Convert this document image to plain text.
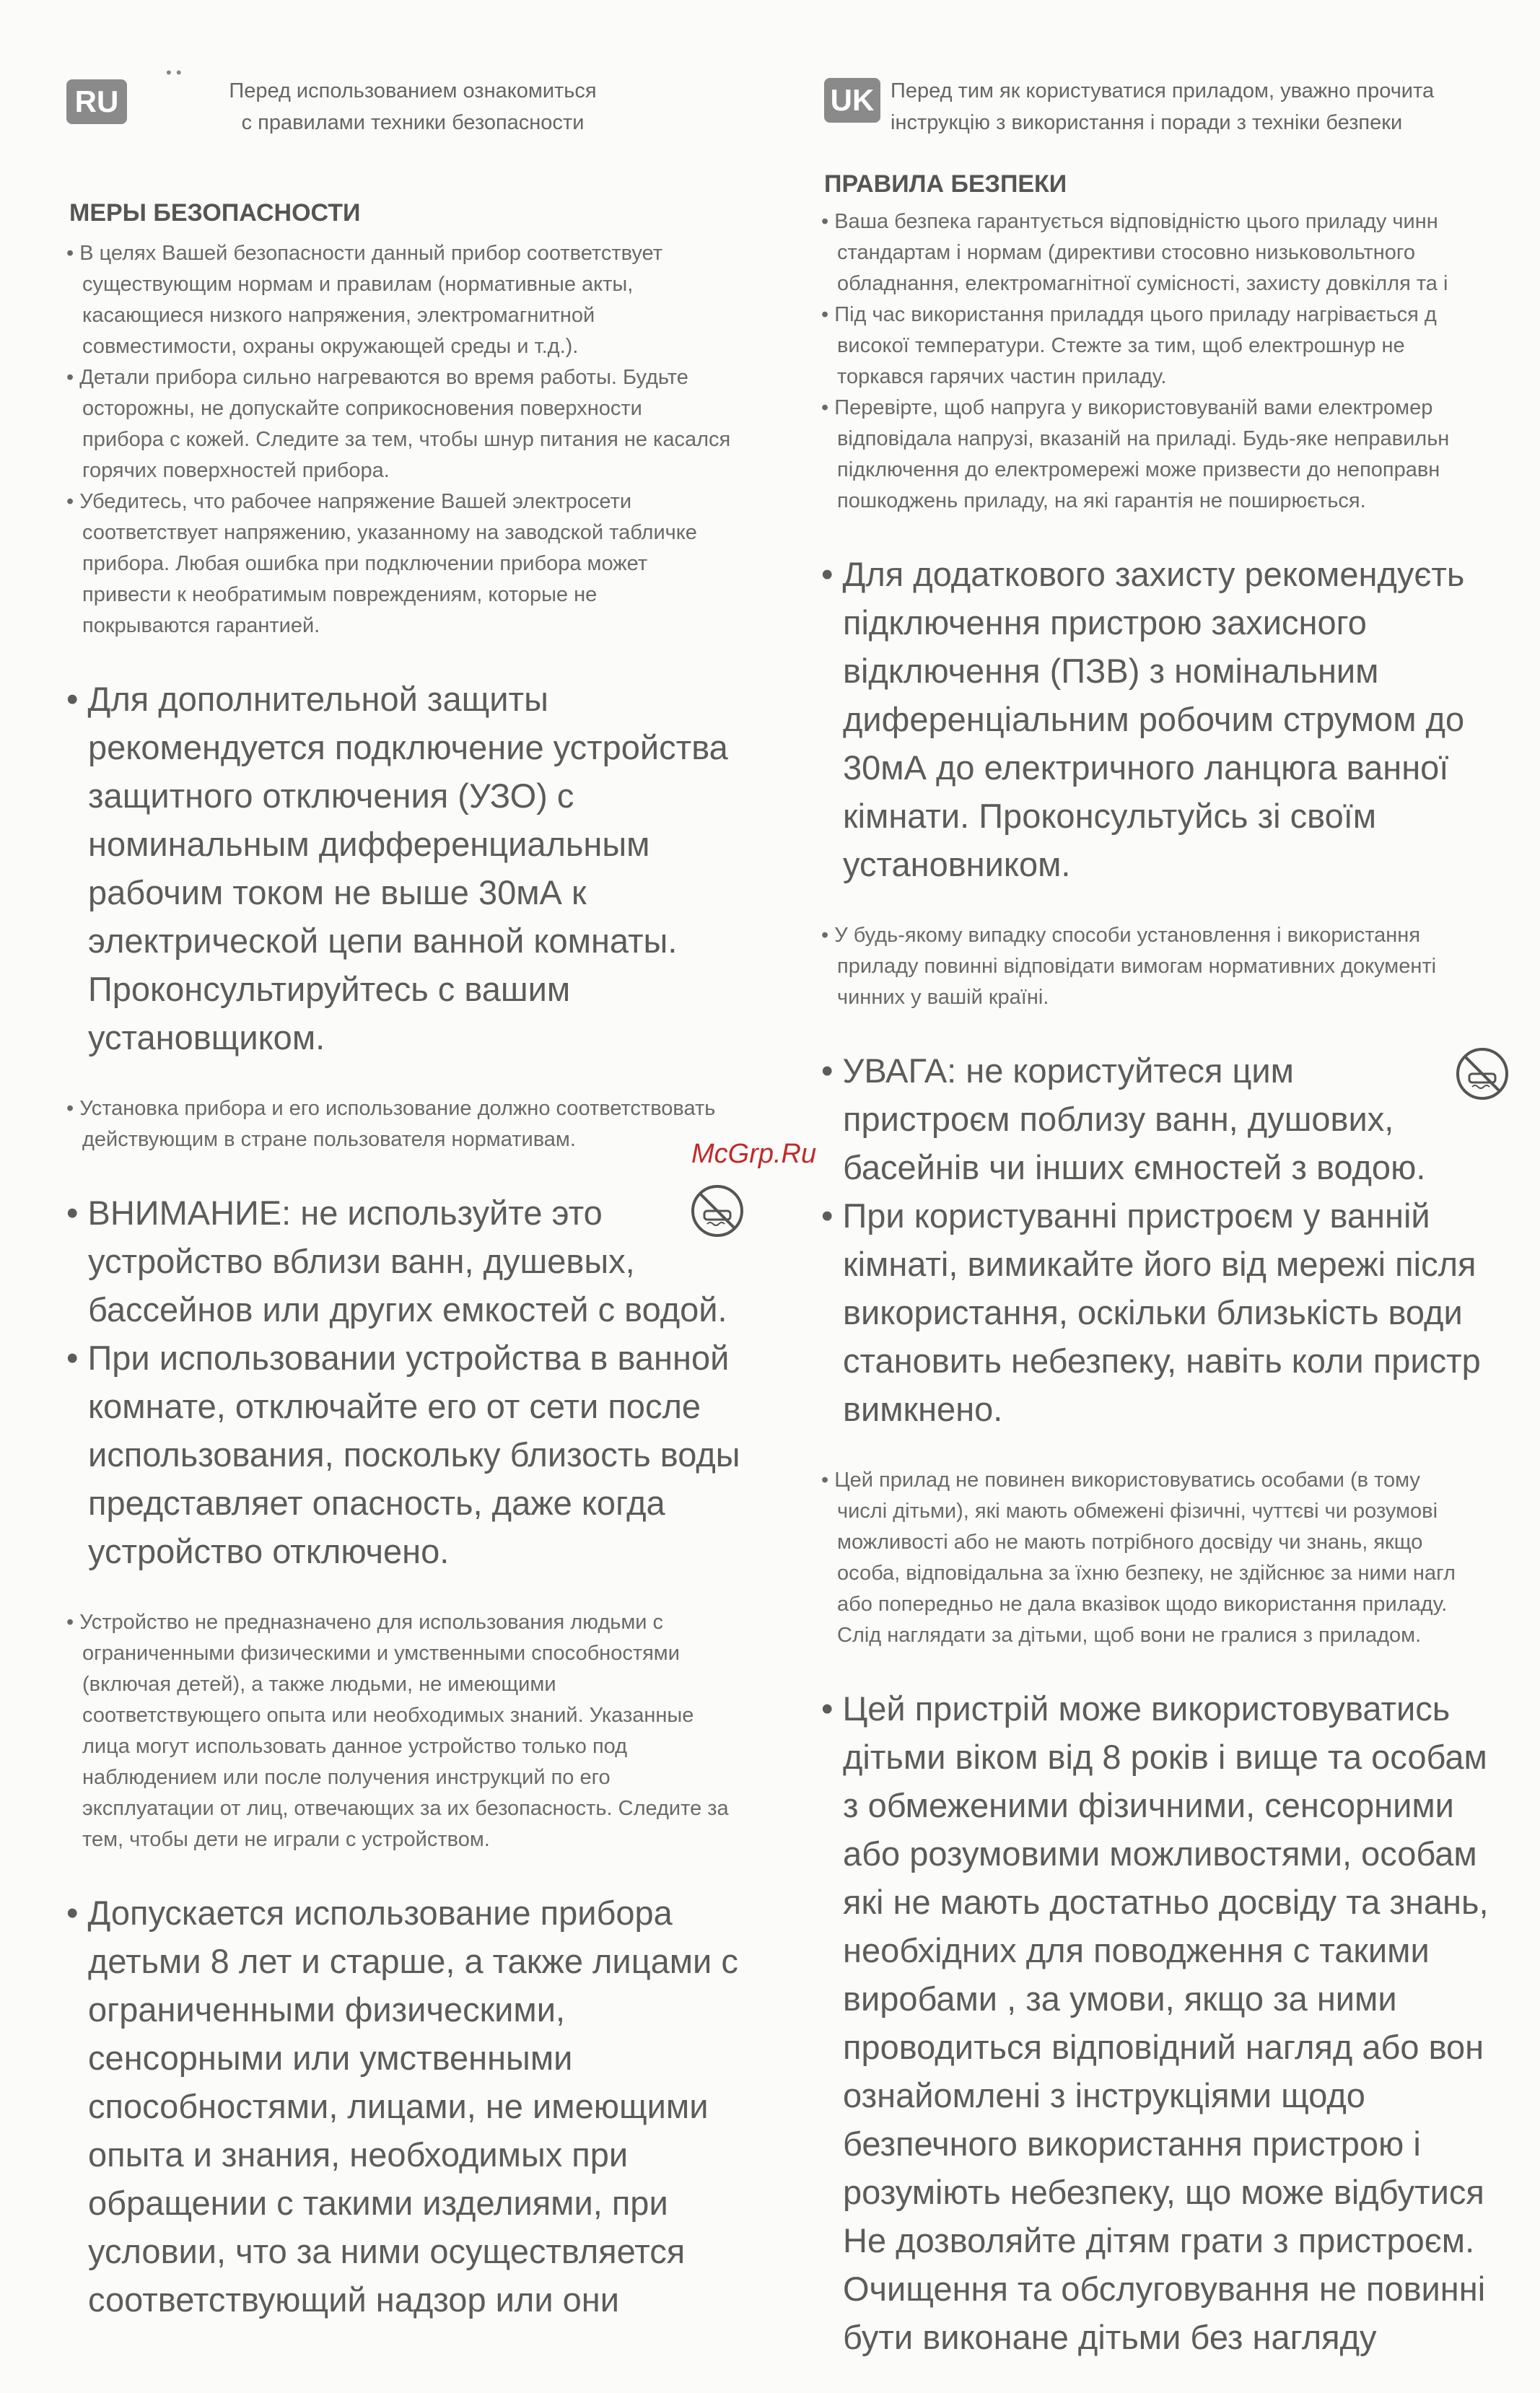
• •
RU	Перед использованием ознакомиться
с правилами техники безопасности
МЕРЫ БЕЗОПАСНОСТИ
• В целях Вашей безопасности данный прибор соответствует
существующим нормам и правилам (нормативные акты,
касающиеся низкого напряжения, электромагнитной
совместимости, охраны окружающей среды и т.д.).
• Детали прибора сильно нагреваются во время работы. Будьте
осторожны, не допускайте соприкосновения поверхности
прибора с кожей. Следите за тем, чтобы шнур питания не касался
горячих поверхностей прибора.
• Убедитесь, что рабочее напряжение Вашей электросети
соответствует напряжению, указанному на заводской табличке
прибора. Любая ошибка при подключении прибора может
привести к необратимым повреждениям, которые не
покрываются гарантией.
• Для дополнительной защиты
рекомендуется подключение устройства
защитного отключения (УЗО) с
номинальным дифференциальным
рабочим током не выше 30мА к
электрической цепи ванной комнаты.
Проконсультируйтесь с вашим
установщиком.
• Установка прибора и его использование должно соответствовать
действующим в стране пользователя нормативам.
• ВНИМАНИЕ: не используйте это
устройство вблизи ванн, душевых,
бассейнов или других емкостей с водой.
• При использовании устройства в ванной
комнате, отключайте его от сети после
использования, поскольку близость воды
представляет опасность, даже когда
устройство отключено.
• Устройство не предназначено для использования людьми с
ограниченными физическими и умственными способностями
(включая детей), а также людьми, не имеющими
соответствующего опыта или необходимых знаний. Указанные
лица могут использовать данное устройство только под
наблюдением или после получения инструкций по его
эксплуатации от лиц, отвечающих за их безопасность. Следите за
тем, чтобы дети не играли с устройством.
• Допускается использование прибора
детьми 8 лет и старше, а также лицами с
ограниченными физическими,
сенсорными или умственными
способностями, лицами, не имеющими
опыта и знания, необходимых при
обращении с такими изделиями, при
условии, что за ними осуществляется
соответствующий надзор или они
UK Перед тим як користуватися приладом, уважно прочита
інструкцію з використання і поради з техніки безпеки
ПРАВИЛА БЕЗПЕКИ
• Ваша безпека гарантується відповідністю цього приладу чинн
стандартам і нормам (директиви стосовно низьковольтного
обладнання, електромагнітної сумісності, захисту довкілля та і
• Під час використання приладдя цього приладу нагрівається д
високої температури. Стежте за тим, щоб електрошнур не
торкався гарячих частин приладу.
• Перевірте, щоб напруга у використовуваній вами електромер
відповідала напрузі, вказаній на приладі. Будь-яке неправильн
підключення до електромережі може призвести до непоправн
пошкоджень приладу, на які гарантія не поширюється.
• Для додаткового захисту рекомендуєть
підключення пристрою захисного
відключення (ПЗВ) з номінальним
диференціальним робочим струмом до
30мА до електричного ланцюга ванної
кімнати. Проконсультуйсь зі своїм
установником.
• У будь-якому випадку способи установлення і використання
приладу повинні відповідати вимогам нормативних документі
чинних у вашій країні.
• УВАГА: не користуйтеся цим
пристроєм поблизу ванн, душових,
басейнів чи інших ємностей з водою.
• При користуванні пристроєм у ванній
кімнаті, вимикайте його від мережі після
використання, оскільки близькість води
становить небезпеку, навіть коли пристр
вимкнено.
• Цей прилад не повинен використовуватись особами (в тому
числі дітьми), які мають обмежені фізичні, чуттєві чи розумові
можливості або не мають потрібного досвіду чи знань, якщо
особа, відповідальна за їхню безпеку, не здійснює за ними нагл
або попередньо не дала вказівок щодо використання приладу.
Слід наглядати за дітьми, щоб вони не гралися з приладом.
• Цей пристрій може використовуватись
дітьми віком від 8 років і вище та особам
з обмеженими фізичними, сенсорними
або розумовими можливостями, особам
які не мають достатньо досвіду та знань,
необхідних для поводження с такими
виробами , за умови, якщо за ними
проводиться відповідний нагляд або вон
ознайомлені з інструкціями щодо
безпечного використання пристрою і
розуміють небезпеку, що може відбутися
Не дозволяйте дітям грати з пристроєм.
Очищення та обслуговування не повинні
бути виконане дітьми без нагляду
McGrp.Ru
